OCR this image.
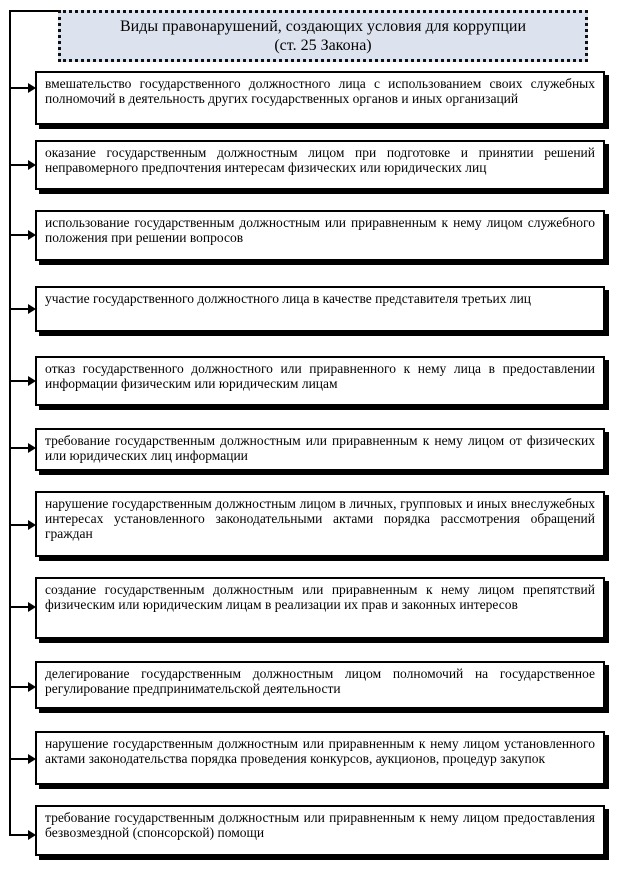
Виды правонарушений, создающих условия для коррупции
(ст. 25 Закона)
вмешательство государственного должностного лица с использованием своих служебных полномочий в деятельность других государственных органов и иных организаций
оказание государственным должностным лицом при подготовке и принятии решений неправомерного предпочтения интересам физических или юридических лиц
использование государственным должностным или приравненным к нему лицом служебного положения при решении вопросов
участие государственного должностного лица в качестве представителя третьих лиц
отказ государственного должностного или приравненного к нему лица в предоставлении информации физическим или юридическим лицам
требование государственным должностным или приравненным к нему лицом от физических или юридических лиц информации
нарушение государственным должностным лицом в личных, групповых и иных внеслужебных интересах установленного законодательными актами порядка рассмотрения обращений граждан
создание государственным должностным или приравненным к нему лицом препятствий физическим или юридическим лицам в реализации их прав и законных интересов
делегирование государственным должностным лицом полномочий на государственное регулирование предпринимательской деятельности
нарушение государственным должностным или приравненным к нему лицом установленного актами законодательства порядка проведения конкурсов, аукционов, процедур закупок
требование государственным должностным или приравненным к нему лицом предоставления безвозмездной (спонсорской) помощи
